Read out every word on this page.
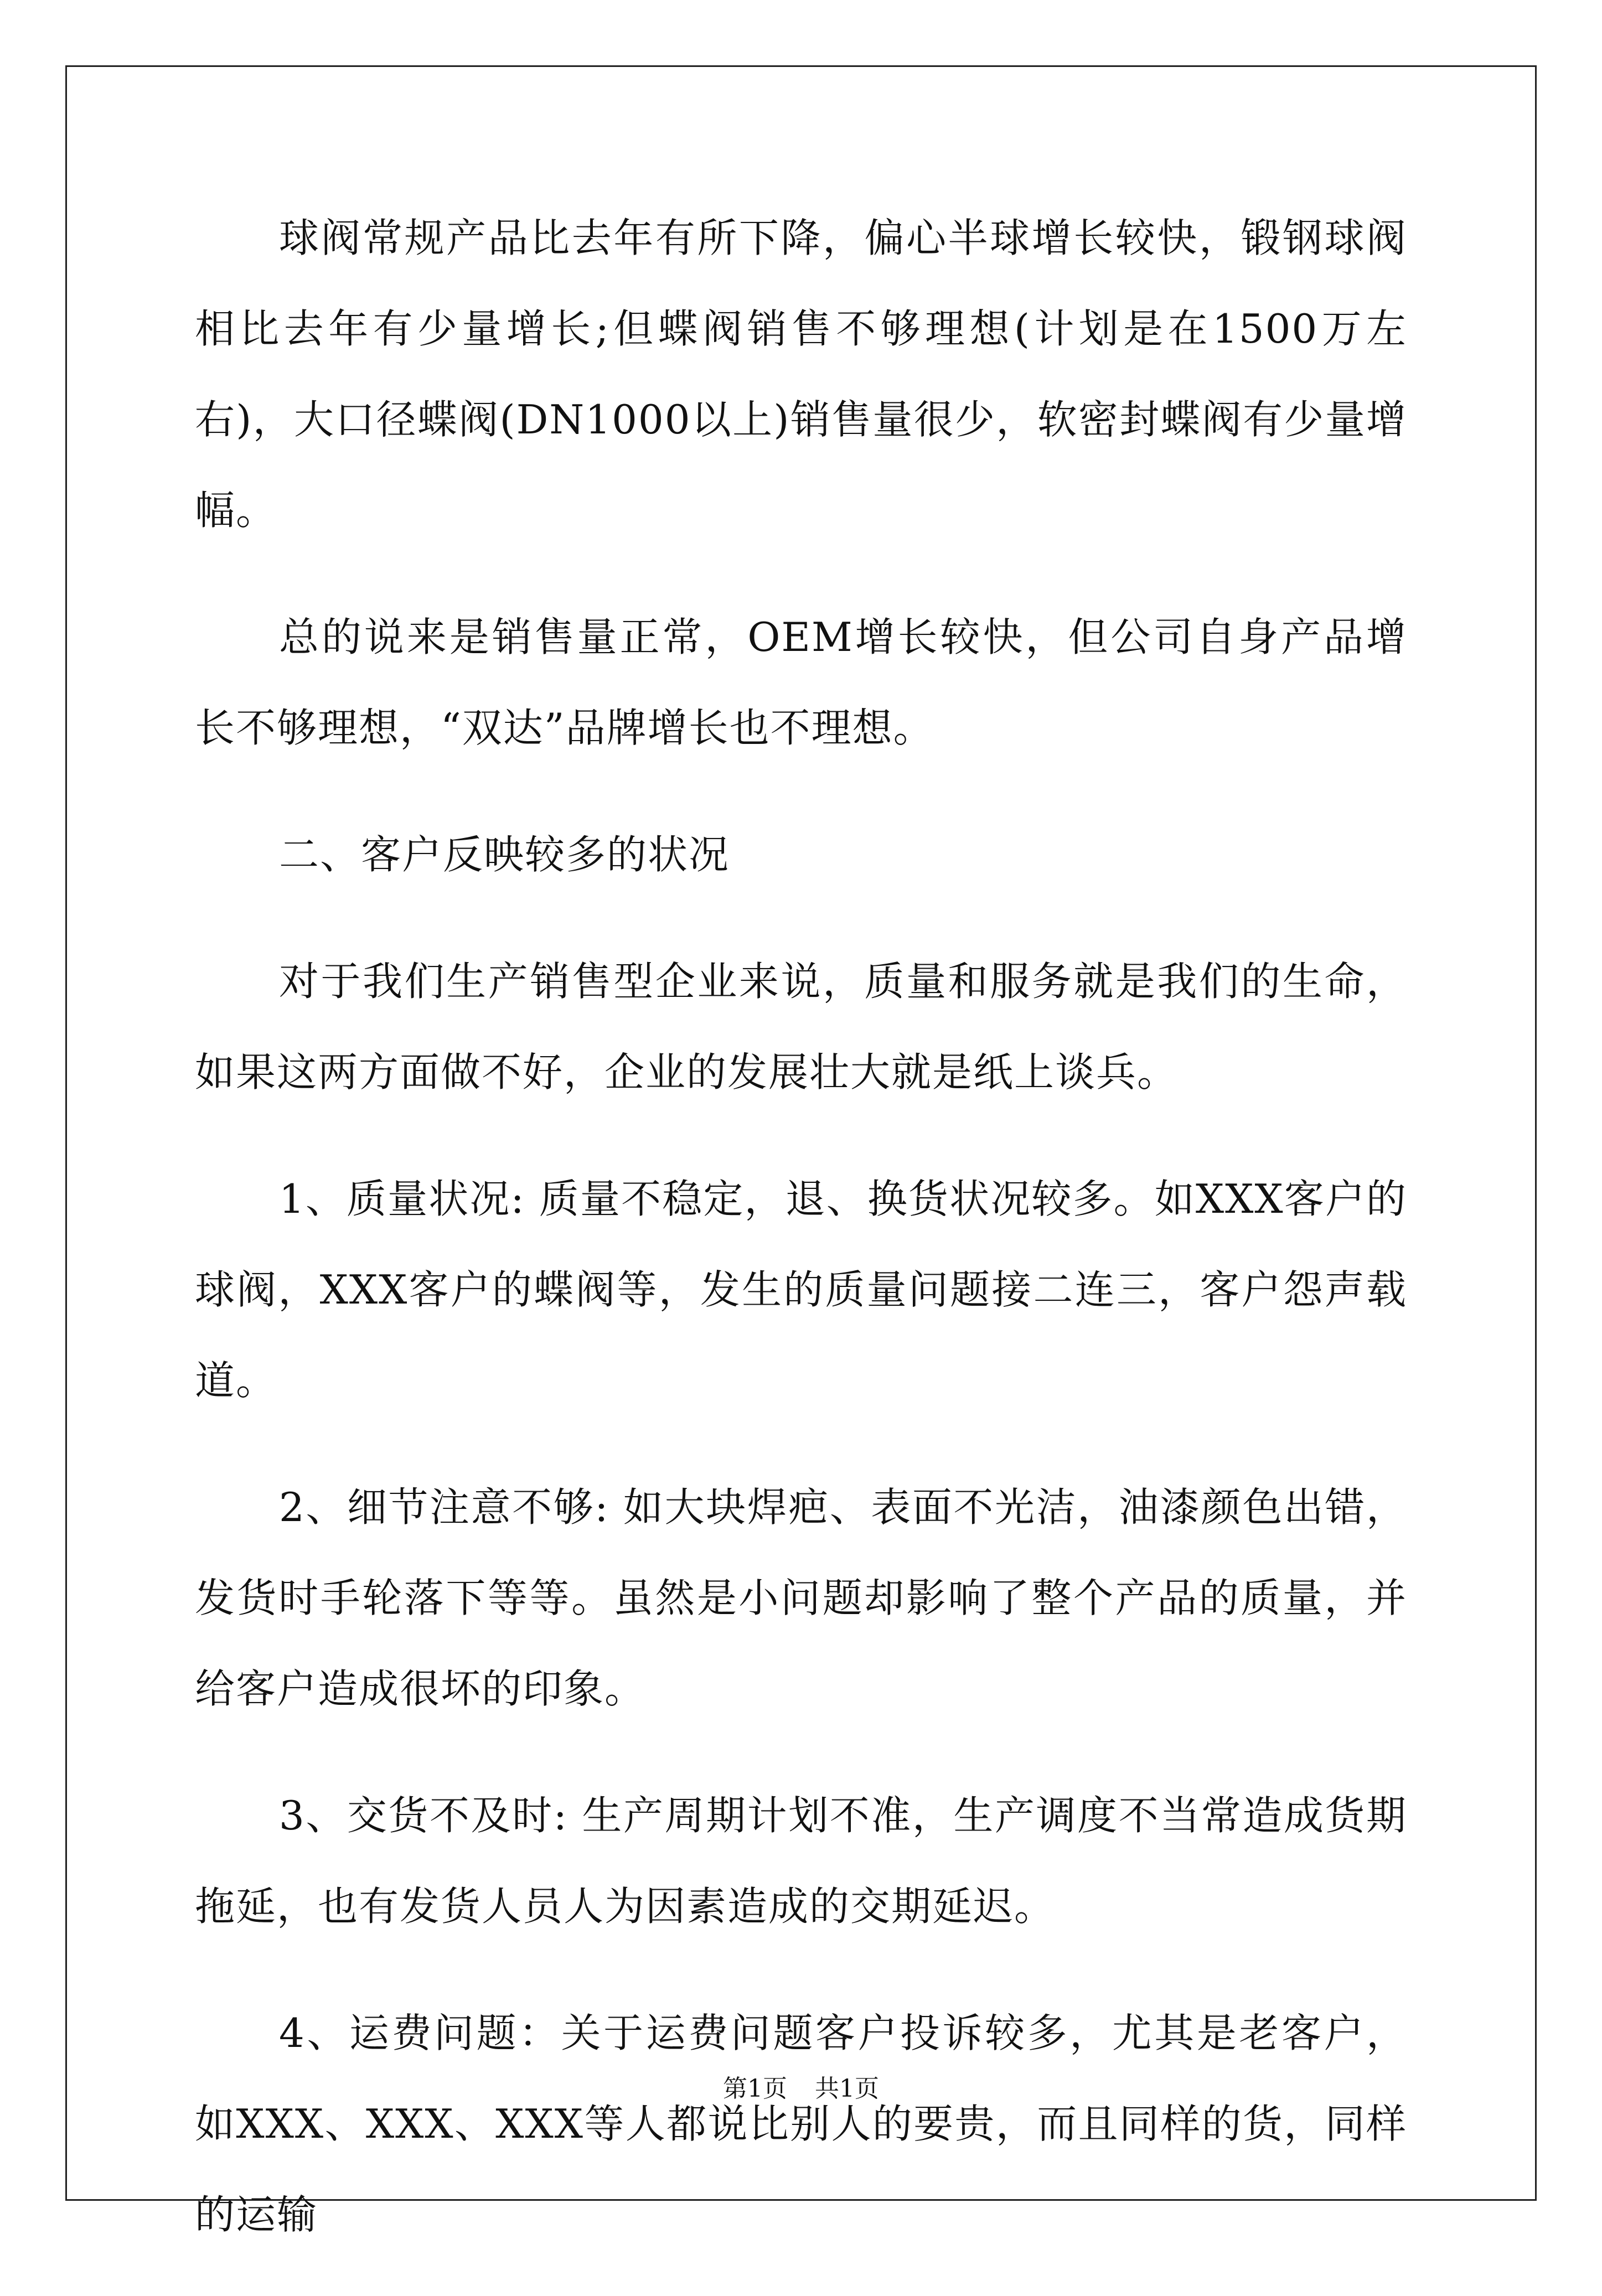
球阀常规产品比去年有所下降，偏心半球增长较快，锻钢球阀相比去年有少量增长;但蝶阀销售不够理想(计划是在1500万左右)，大口径蝶阀(DN1000以上)销售量很少，软密封蝶阀有少量增幅。

总的说来是销售量正常，OEM增长较快，但公司自身产品增长不够理想，“双达”品牌增长也不理想。

二、客户反映较多的状况

对于我们生产销售型企业来说，质量和服务就是我们的生命，如果这两方面做不好，企业的发展壮大就是纸上谈兵。

1、质量状况: 质量不稳定，退、换货状况较多。如XXX客户的球阀，XXX客户的蝶阀等，发生的质量问题接二连三，客户怨声载道。

2、细节注意不够: 如大块焊疤、表面不光洁，油漆颜色出错，发货时手轮落下等等。虽然是小问题却影响了整个产品的质量，并给客户造成很坏的印象。

3、交货不及时: 生产周期计划不准，生产调度不当常造成货期拖延，也有发货人员人为因素造成的交期延迟。

4、运费问题：关于运费问题客户投诉较多，尤其是老客户，如XXX、XXX、XXX等人都说比别人的要贵，而且同样的货，同样的运输

第1页 共1页
